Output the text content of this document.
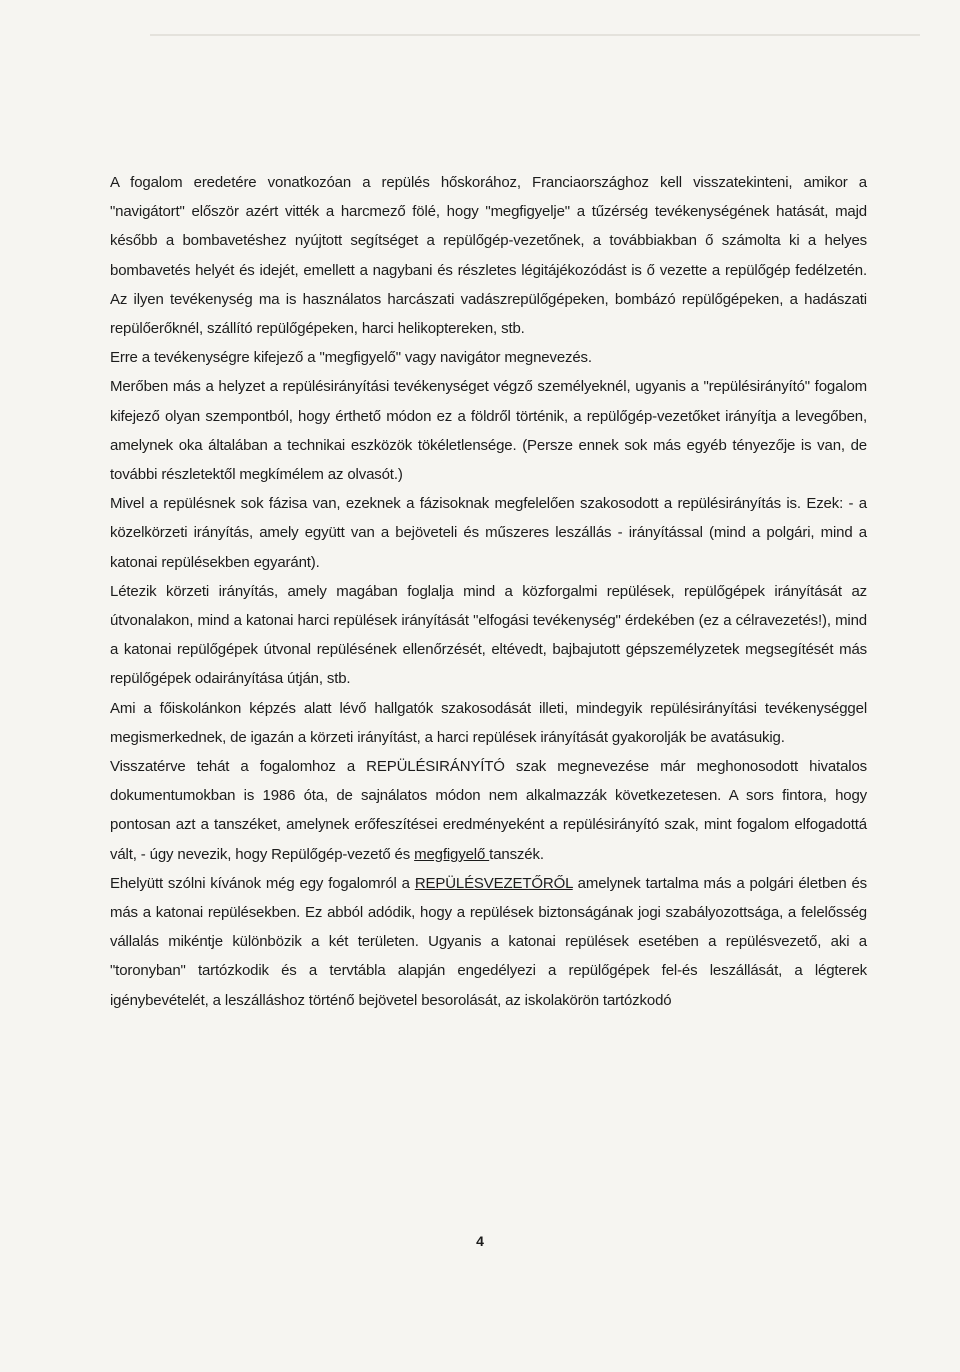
A fogalom eredetére vonatkozóan a repülés hőskorához, Franciaországhoz kell visszatekinteni, amikor a "navigátort" először azért vitték a harcmező fölé, hogy "megfigyelje" a tűzérség tevékenységének hatását, majd később a bombavetéshez nyújtott segítséget a repülőgép-vezetőnek, a továbbiakban ő számolta ki a helyes bombavetés helyét és idejét, emellett a nagybani és részletes légitájékozódást is ő vezette a repülőgép fedélzetén. Az ilyen tevékenység ma is használatos harcászati vadászrepülőgépeken, bombázó repülőgépeken, a hadászati repülőerőknél, szállító repülőgépeken, harci helikoptereken, stb.

Erre a tevékenységre kifejező a "megfigyelő" vagy navigátor megnevezés.

Merőben más a helyzet a repülésirányítási tevékenységet végző személyeknél, ugyanis a "repülésirányító" fogalom kifejező olyan szempontból, hogy érthető módon ez a földről történik, a repülőgép-vezetőket irányítja a levegőben, amelynek oka általában a technikai eszközök tökéletlensége. (Persze ennek sok más egyéb tényezője is van, de további részletektől megkímélem az olvasót.)

Mivel a repülésnek sok fázisa van, ezeknek a fázisoknak megfelelően szakosodott a repülésirányítás is. Ezek: - a közelkörzeti irányítás, amely együtt van a bejöveteli és műszeres leszállás - irányítással (mind a polgári, mind a katonai repülésekben egyaránt).

Létezik körzeti irányítás, amely magában foglalja mind a közforgalmi repülések, repülőgépek irányítását az útvonalakon, mind a katonai harci repülések irányítását "elfogási tevékenység" érdekében (ez a célravezetés!), mind a katonai repülőgépek útvonal repülésének ellenőrzését, eltévedt, bajbajutott gépszemélyzetek megsegítését más repülőgépek odairányítása útján, stb.

Ami a főiskolánkon képzés alatt lévő hallgatók szakosodását illeti, mindegyik repülésirányítási tevékenységgel megismerkednek, de igazán a körzeti irányítást, a harci repülések irányítását gyakorolják be avatásukig.

Visszatérve tehát a fogalomhoz a REPÜLÉSIRÁNYÍTÓ szak megnevezése már meghonosodott hivatalos dokumentumokban is 1986 óta, de sajnálatos módon nem alkalmazzák következetesen. A sors fintora, hogy pontosan azt a tanszéket, amelynek erőfeszítései eredményeként a repülésirányító szak, mint fogalom elfogadottá vált, - úgy nevezik, hogy Repülőgép-vezető és megfigyelő tanszék.

Ehelyütt szólni kívánok még egy fogalomról a REPÜLÉSVEZETŐRŐL amelynek tartalma más a polgári életben és más a katonai repülésekben. Ez abból adódik, hogy a repülések biztonságának jogi szabályozottsága, a felelősség vállalás mikéntje különbözik a két területen. Ugyanis a katonai repülések esetében a repülésvezető, aki a "toronyban" tartózkodik és a tervtábla alapján engedélyezi a repülőgépek fel-és leszállását, a légterek igénybevételét, a leszálláshoz történő bejövetel besorolását, az iskolakörön tartózkodó

4
